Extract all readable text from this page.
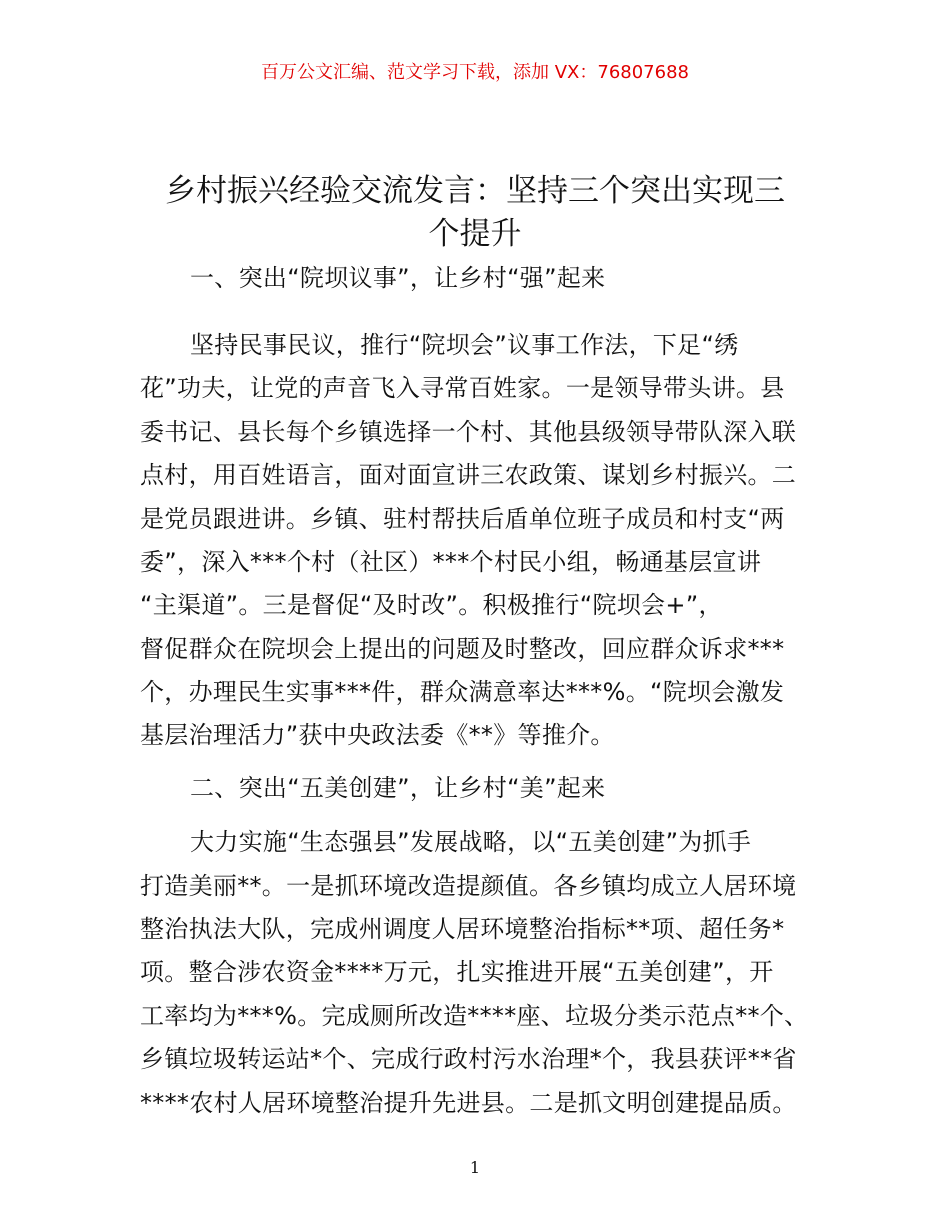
百万公文汇编、范文学习下载，添加 VX：76807688
乡村振兴经验交流发言：坚持三个突出实现三
个提升
一、突出“院坝议事”，让乡村“强”起来
坚持民事民议，推行“院坝会”议事工作法，下足“绣
花”功夫，让党的声音飞入寻常百姓家。一是领导带头讲。县
委书记、县长每个乡镇选择一个村、其他县级领导带队深入联
点村，用百姓语言，面对面宣讲三农政策、谋划乡村振兴。二
是党员跟进讲。乡镇、驻村帮扶后盾单位班子成员和村支“两
委”，深入***个村（社区）***个村民小组，畅通基层宣讲
“主渠道”。三是督促“及时改”。积极推行“院坝会+”，
督促群众在院坝会上提出的问题及时整改，回应群众诉求***
个，办理民生实事***件，群众满意率达***%。“院坝会激发
基层治理活力”获中央政法委《**》等推介。
二、突出“五美创建”，让乡村“美”起来
大力实施“生态强县”发展战略，以“五美创建”为抓手
打造美丽**。一是抓环境改造提颜值。各乡镇均成立人居环境
整治执法大队，完成州调度人居环境整治指标**项、超任务*
项。整合涉农资金****万元，扎实推进开展“五美创建”，开
工率均为***%。完成厕所改造****座、垃圾分类示范点**个、
乡镇垃圾转运站*个、完成行政村污水治理*个，我县获评**省
****农村人居环境整治提升先进县。二是抓文明创建提品质。
1
